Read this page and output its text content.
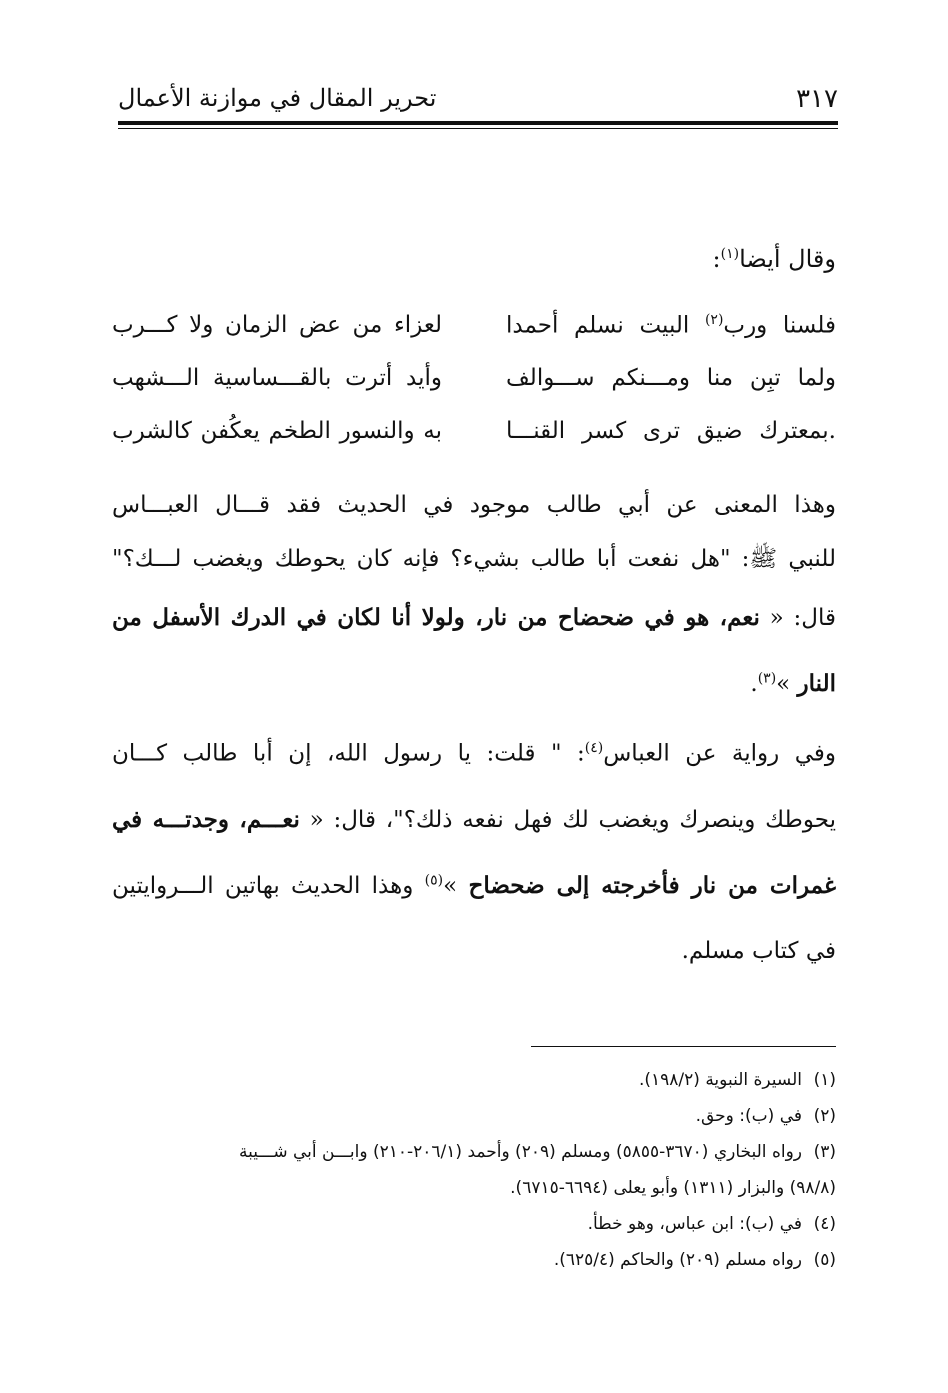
٣١٧
تحرير المقال في موازنة الأعمال
وقال أيضا$^{(١)}$:
فلسنا ورب$^{(٢)}$ البيت نسلم أحمدا
لعزاء من عض الزمان ولا كـــرب
ولما تبِن منا ومـــنكم ســـوالف
وأيد أترت بالقـــساسية الـــشهب
.بمعترك ضيق ترى كسر القنـــا
به والنسور الطخم يعكُفن كالشرب
وهذا المعنى عن أبي طالب موجود في الحديث فقد قـــال العبـــاس
للنبي ﷺ: "هل نفعت أبا طالب بشيء؟ فإنه كان يحوطك ويغضب لـــك؟"
قال: « نعم، هو في ضحضاح من نار، ولولا أنا لكان في الدرك الأسفل من
النار »$^{(٣)}$.
وفي رواية عن العباس$^{(٤)}$: " قلت: يا رسول الله، إن أبا طالب كـــان
يحوطك وينصرك ويغضب لك فهل نفعه ذلك؟"، قال: « نعـــم، وجدتـــه في
غمرات من نار فأخرجته إلى ضحضاح »$^{(٥)}$ وهذا الحديث بهاتين الـــروايتين
في كتاب مسلم.
(١)السيرة النبوية (١٩٨/٢).
(٢)في (ب): وحق.
(٣)رواه البخاري (٣٦٧٠-٥٨٥٥) ومسلم (٢٠٩) وأحمد (٢٠٦/١-٢١٠) وابـــن أبي شـــيبة
(٩٨/٨) والبزار (١٣١١) وأبو يعلى (٦٦٩٤-٦٧١٥).
(٤)في (ب): ابن عباس، وهو خطأ.
(٥)رواه مسلم (٢٠٩) والحاكم (٦٢٥/٤).
